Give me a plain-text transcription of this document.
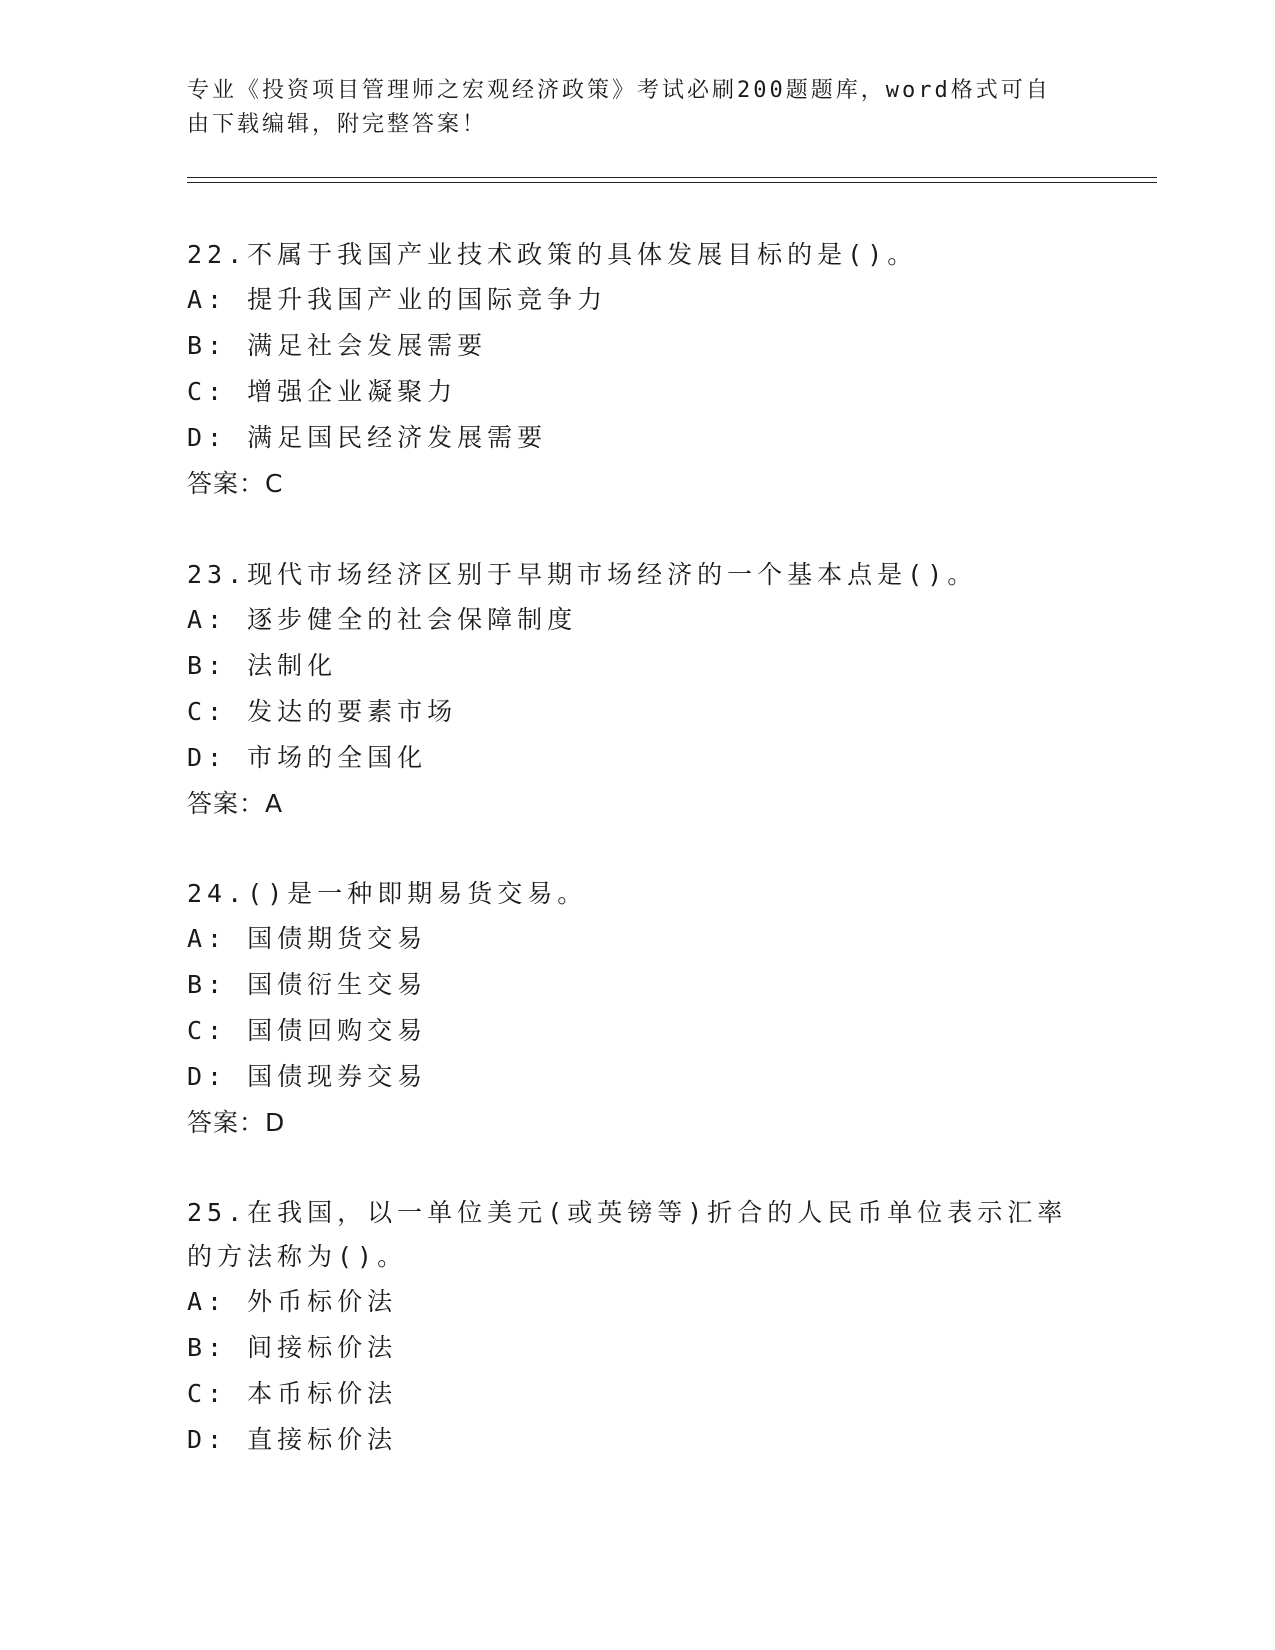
专业《投资项目管理师之宏观经济政策》考试必刷200题题库，word格式可自由下载编辑，附完整答案！

22.不属于我国产业技术政策的具体发展目标的是()。

A: 提升我国产业的国际竞争力

B: 满足社会发展需要

C: 增强企业凝聚力

D: 满足国民经济发展需要

答案：C

23.现代市场经济区别于早期市场经济的一个基本点是()。

A: 逐步健全的社会保障制度

B: 法制化

C: 发达的要素市场

D: 市场的全国化

答案：A

24.()是一种即期易货交易。

A: 国债期货交易

B: 国债衍生交易

C: 国债回购交易

D: 国债现券交易

答案：D

25.在我国，以一单位美元(或英镑等)折合的人民币单位表示汇率的方法称为()。

A: 外币标价法

B: 间接标价法

C: 本币标价法

D: 直接标价法
